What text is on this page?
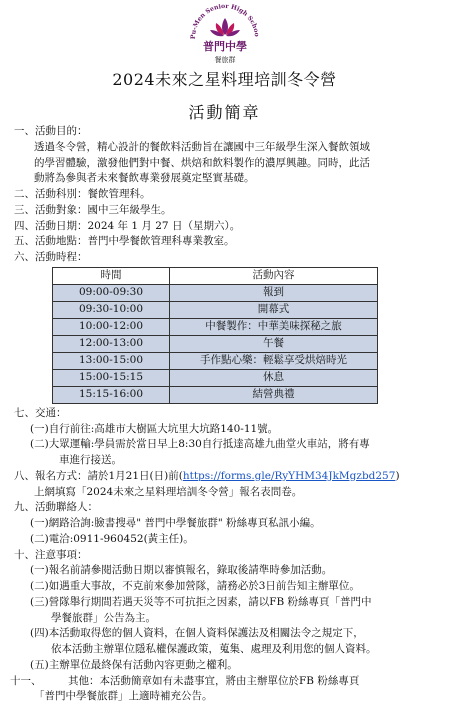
Pu-Men Senior High Schoo
普門中學
餐旅群
2024未來之星料理培訓冬令營
活動簡章
一、 活動目的：
透過冬令營，精心設計的餐飲料活動旨在讓國中三年級學生深入餐飲領域
的學習體驗，激發他們對中餐、烘焙和飲料製作的濃厚興趣。同時，此活
動將為參與者未來餐飲專業發展奠定堅實基礎。
二、 活動科別：餐飲管理科。
三、 活動對象：國中三年級學生。
四、 活動日期：2024 年 1 月 27 日（星期六）。
五、 活動地點：普門中學餐飲管理科專業教室。
六、 活動時程：
時間	活動內容
09:00-09:30	報到
09:30-10:00	開幕式
10:00-12:00	中餐製作：中華美味探秘之旅
12:00-13:00	午餐
13:00-15:00	手作點心樂：輕鬆享受烘焙時光
15:00-15:15	休息
15:15-16:00	結營典禮
七、 交通：
(一)自行前往:高雄市大樹區大坑里大坑路140-11號。
(二)大眾運輸:學員需於當日早上8:30自行抵達高雄九曲堂火車站，將有專
車進行接送。
八、 報名方式：請於1月21日(日)前(https://forms.gle/RyYHM34JkMgzbd257)
上網填寫「2024未來之星料理培訓冬令營」報名表問卷。
九、 活動聯絡人：
(一)網路洽詢:臉書搜尋" 普門中學餐旅群" 粉絲專頁私訊小編。
(二)電洽:0911-960452(黃主任)。
十、 注意事項：
(一)報名前請參閱活動日期以審慎報名，錄取後請準時參加活動。
(二)如遇重大事故，不克前來參加營隊，請務必於3日前告知主辦單位。
(三)營隊舉行期間若遇天災等不可抗拒之因素，請以FB 粉絲專頁「普門中
學餐旅群」公告為主。
(四)本活動取得您的個人資料，在個人資料保護法及相關法令之規定下，
依本活動主辦單位隱私權保護政策，蒐集、處理及利用您的個人資料。
(五)主辦單位最終保有活動內容更動之權利。
十一、	其他：本活動簡章如有未盡事宜，將由主辦單位於FB 粉絲專頁
「普門中學餐旅群」上適時補充公告。
